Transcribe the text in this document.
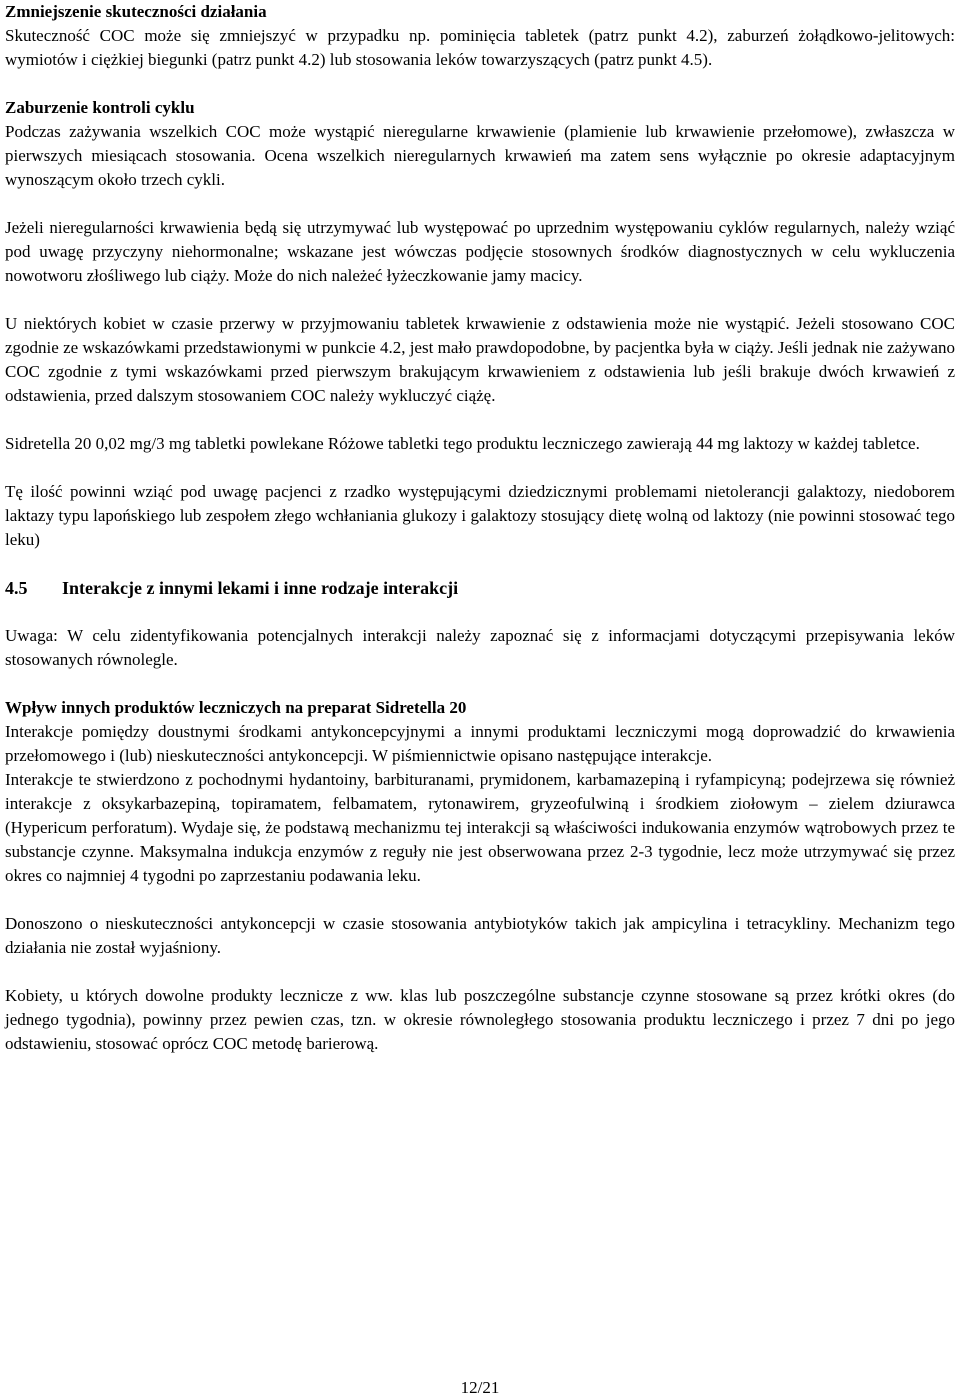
Zmniejszenie skuteczności działania

Skuteczność COC może się zmniejszyć w przypadku np. pominięcia tabletek (patrz punkt 4.2), zaburzeń żołądkowo-jelitowych: wymiotów i ciężkiej biegunki (patrz punkt 4.2) lub stosowania leków towarzyszących (patrz punkt 4.5).

Zaburzenie kontroli cyklu

Podczas zażywania wszelkich COC może wystąpić nieregularne krwawienie (plamienie lub krwawienie przełomowe), zwłaszcza w pierwszych miesiącach stosowania. Ocena wszelkich nieregularnych krwawień ma zatem sens wyłącznie po okresie adaptacyjnym wynoszącym około trzech cykli.

Jeżeli nieregularności krwawienia będą się utrzymywać lub występować po uprzednim występowaniu cyklów regularnych, należy wziąć pod uwagę przyczyny niehormonalne; wskazane jest wówczas podjęcie stosownych środków diagnostycznych w celu wykluczenia nowotworu złośliwego lub ciąży. Może do nich należeć łyżeczkowanie jamy macicy.

U niektórych kobiet w czasie przerwy w przyjmowaniu tabletek krwawienie z odstawienia może nie wystąpić. Jeżeli stosowano COC zgodnie ze wskazówkami przedstawionymi w punkcie 4.2, jest mało prawdopodobne, by pacjentka była w ciąży. Jeśli jednak nie zażywano COC zgodnie z tymi wskazówkami przed pierwszym brakującym krwawieniem z odstawienia lub jeśli brakuje dwóch krwawień z odstawienia, przed dalszym stosowaniem COC należy wykluczyć ciążę.

Sidretella 20 0,02 mg/3 mg tabletki powlekane Różowe tabletki tego produktu leczniczego zawierają 44 mg laktozy w każdej tabletce.

Tę ilość powinni wziąć pod uwagę pacjenci z rzadko występującymi dziedzicznymi problemami nietolerancji galaktozy, niedoborem laktazy typu lapońskiego lub zespołem złego wchłaniania glukozy i galaktozy stosujący dietę wolną od laktozy (nie powinni stosować tego leku)

4.5	Interakcje z innymi lekami i inne rodzaje interakcji

Uwaga: W celu zidentyfikowania potencjalnych interakcji należy zapoznać się z informacjami dotyczącymi przepisywania leków stosowanych równolegle.

Wpływ innych produktów leczniczych na preparat Sidretella 20

Interakcje pomiędzy doustnymi środkami antykoncepcyjnymi a innymi produktami leczniczymi mogą doprowadzić do krwawienia przełomowego i (lub) nieskuteczności antykoncepcji. W piśmiennictwie opisano następujące interakcje.

Interakcje te stwierdzono z pochodnymi hydantoiny, barbituranami, prymidonem, karbamazepiną i ryfampicyną; podejrzewa się również interakcje z oksykarbazepiną, topiramatem, felbamatem, rytonawirem, gryzeofulwiną i środkiem ziołowym – zielem dziurawca (Hypericum perforatum). Wydaje się, że podstawą mechanizmu tej interakcji są właściwości indukowania enzymów wątrobowych przez te substancje czynne. Maksymalna indukcja enzymów z reguły nie jest obserwowana przez 2-3 tygodnie, lecz może utrzymywać się przez okres co najmniej 4 tygodni po zaprzestaniu podawania leku.

Donoszono o nieskuteczności antykoncepcji w czasie stosowania antybiotyków takich jak ampicylina i tetracykliny. Mechanizm tego działania nie został wyjaśniony.

Kobiety, u których dowolne produkty lecznicze z ww. klas lub poszczególne substancje czynne stosowane są przez krótki okres (do jednego tygodnia), powinny przez pewien czas, tzn. w okresie równoległego stosowania produktu leczniczego i przez 7 dni po jego odstawieniu, stosować oprócz COC metodę barierową.

12/21
